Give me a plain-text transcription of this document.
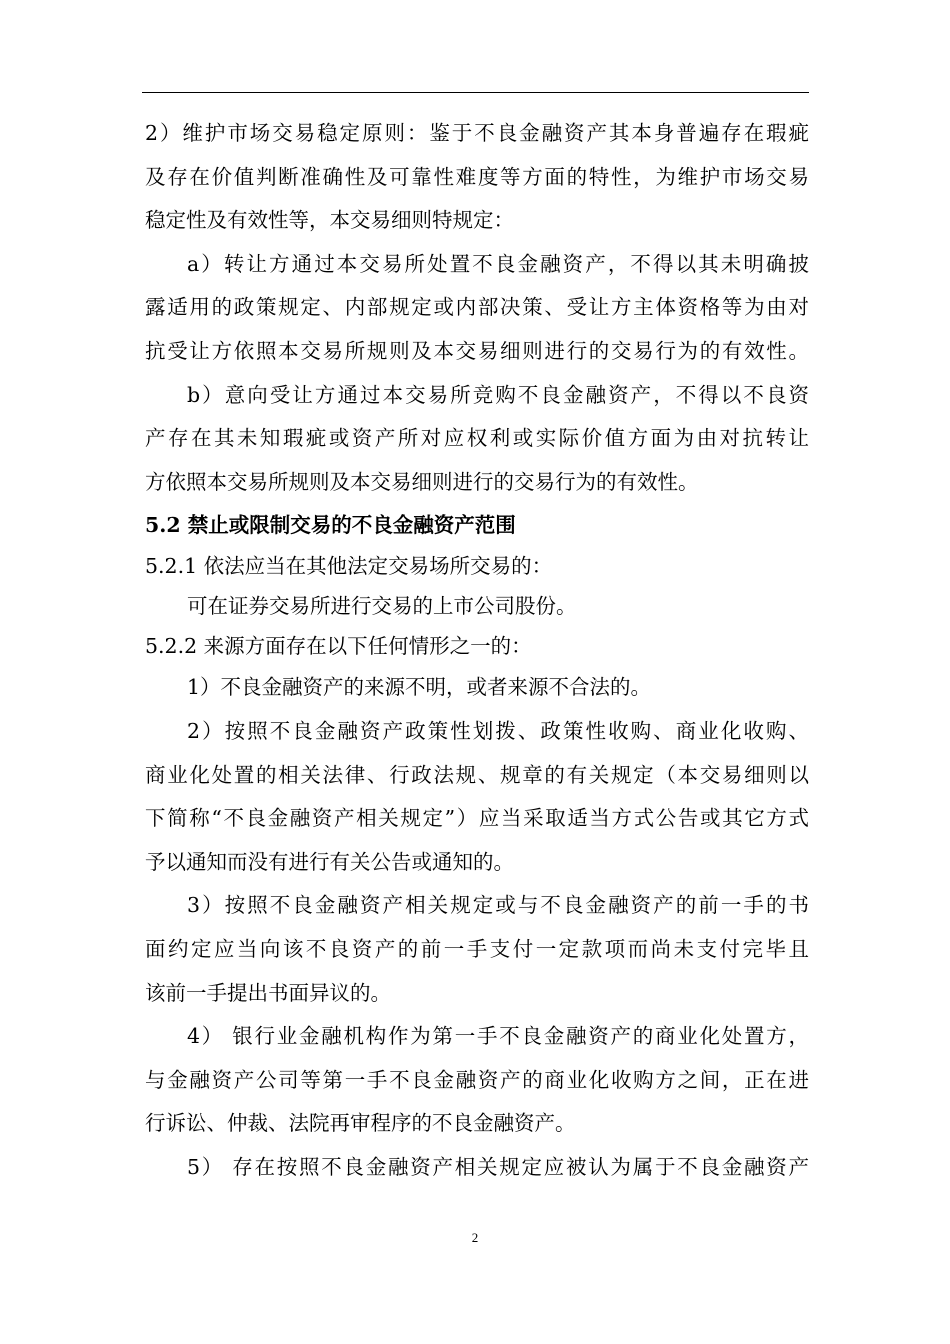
2）维护市场交易稳定原则：鉴于不良金融资产其本身普遍存在瑕疵
及存在价值判断准确性及可靠性难度等方面的特性，为维护市场交易
稳定性及有效性等，本交易细则特规定：
a）转让方通过本交易所处置不良金融资产，不得以其未明确披
露适用的政策规定、内部规定或内部决策、受让方主体资格等为由对
抗受让方依照本交易所规则及本交易细则进行的交易行为的有效性。
b）意向受让方通过本交易所竞购不良金融资产，不得以不良资
产存在其未知瑕疵或资产所对应权利或实际价值方面为由对抗转让
方依照本交易所规则及本交易细则进行的交易行为的有效性。
5.2 禁止或限制交易的不良金融资产范围
5.2.1 依法应当在其他法定交易场所交易的：
可在证券交易所进行交易的上市公司股份。
5.2.2 来源方面存在以下任何情形之一的：
1）不良金融资产的来源不明，或者来源不合法的。
2）按照不良金融资产政策性划拨、政策性收购、商业化收购、
商业化处置的相关法律、行政法规、规章的有关规定（本交易细则以
下简称“不良金融资产相关规定”）应当采取适当方式公告或其它方式
予以通知而没有进行有关公告或通知的。
3）按照不良金融资产相关规定或与不良金融资产的前一手的书
面约定应当向该不良资产的前一手支付一定款项而尚未支付完毕且
该前一手提出书面异议的。
4） 银行业金融机构作为第一手不良金融资产的商业化处置方，
与金融资产公司等第一手不良金融资产的商业化收购方之间，正在进
行诉讼、仲裁、法院再审程序的不良金融资产。
5） 存在按照不良金融资产相关规定应被认为属于不良金融资产
2
